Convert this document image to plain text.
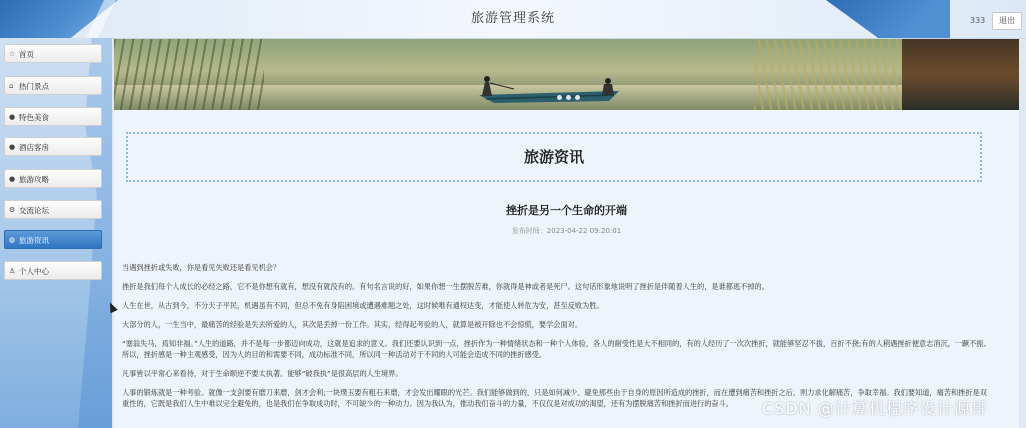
旅游管理系统	333	退出
☆ 首页
⌂ 热门景点
● 特色美食
● 酒店客房
● 旅游攻略
⚙ 交流论坛
◍ 旅游资讯
♙ 个人中心
旅游资讯
挫折是另一个生命的开端
发布时间：2023-04-22 09:20:01

当遇到挫折或失败，你是看见失败还是看见机会？

挫折是我们每个人成长的必经之路，它不是你想有就有，想没有就没有的。有句名言说的好，如果你想一生摆脱苦难，你就得是神或者是死尸。这句话形象地说明了挫折是伴随着人生的，是谁都逃不掉的。

人生在世，从古到今，不分天子平民，机遇虽有不同，但总不免有身陷困境或遭遇难题之处，这时候唯有通权达变，才能使人转危为安，甚至反败为胜。

大部分的人，一生当中，最痛苦的经验是失去所爱的人，其次是丢掉一份工作。其实，经得起考验的人，就算是被开除也不会惊慌，要学会面对。

“塞翁失马，焉知非福。”人生的道路，并不是每一步都迈向成功，这就是追求的意义。我们还要认识到一点，挫折作为一种情绪状态和一种个人体验，各人的耐受性是大不相同的，有的人经历了一次次挫折，就能够坚忍不拔，百折不挠;有的人稍遇挫折便意志消沉，一蹶不振。所以，挫折感是一种主观感受，因为人的目的和需要不同，成功标准不同，所以同一种活动对于不同的人可能会造成不同的挫折感受。

凡事皆以平常心来看待，对于生命顺逆不要太执著。能够“破我执”是很高层的人生境界。

人事的锻炼就是一种考验。就像一支剑要有磨刀来磨，剑才会利;一块璞玉要有粗石来磨，才会发出耀眼的光芒。我们能够做到的，只是如何减少、避免那些由于自身的原因所造成的挫折，而在遭到痛苦和挫折之后，则力求化解痛苦，争取幸福。我们要知道，痛苦和挫折是双重性的，它既是我们人生中难以完全避免的，也是我们在争取成功时，不可缺少的一种动力。因为我认为，推动我们奋斗的力量，不仅仅是对成功的渴望，还有为摆脱痛苦和挫折而进行的奋斗。	CSDN @计算机程序设计源哥
